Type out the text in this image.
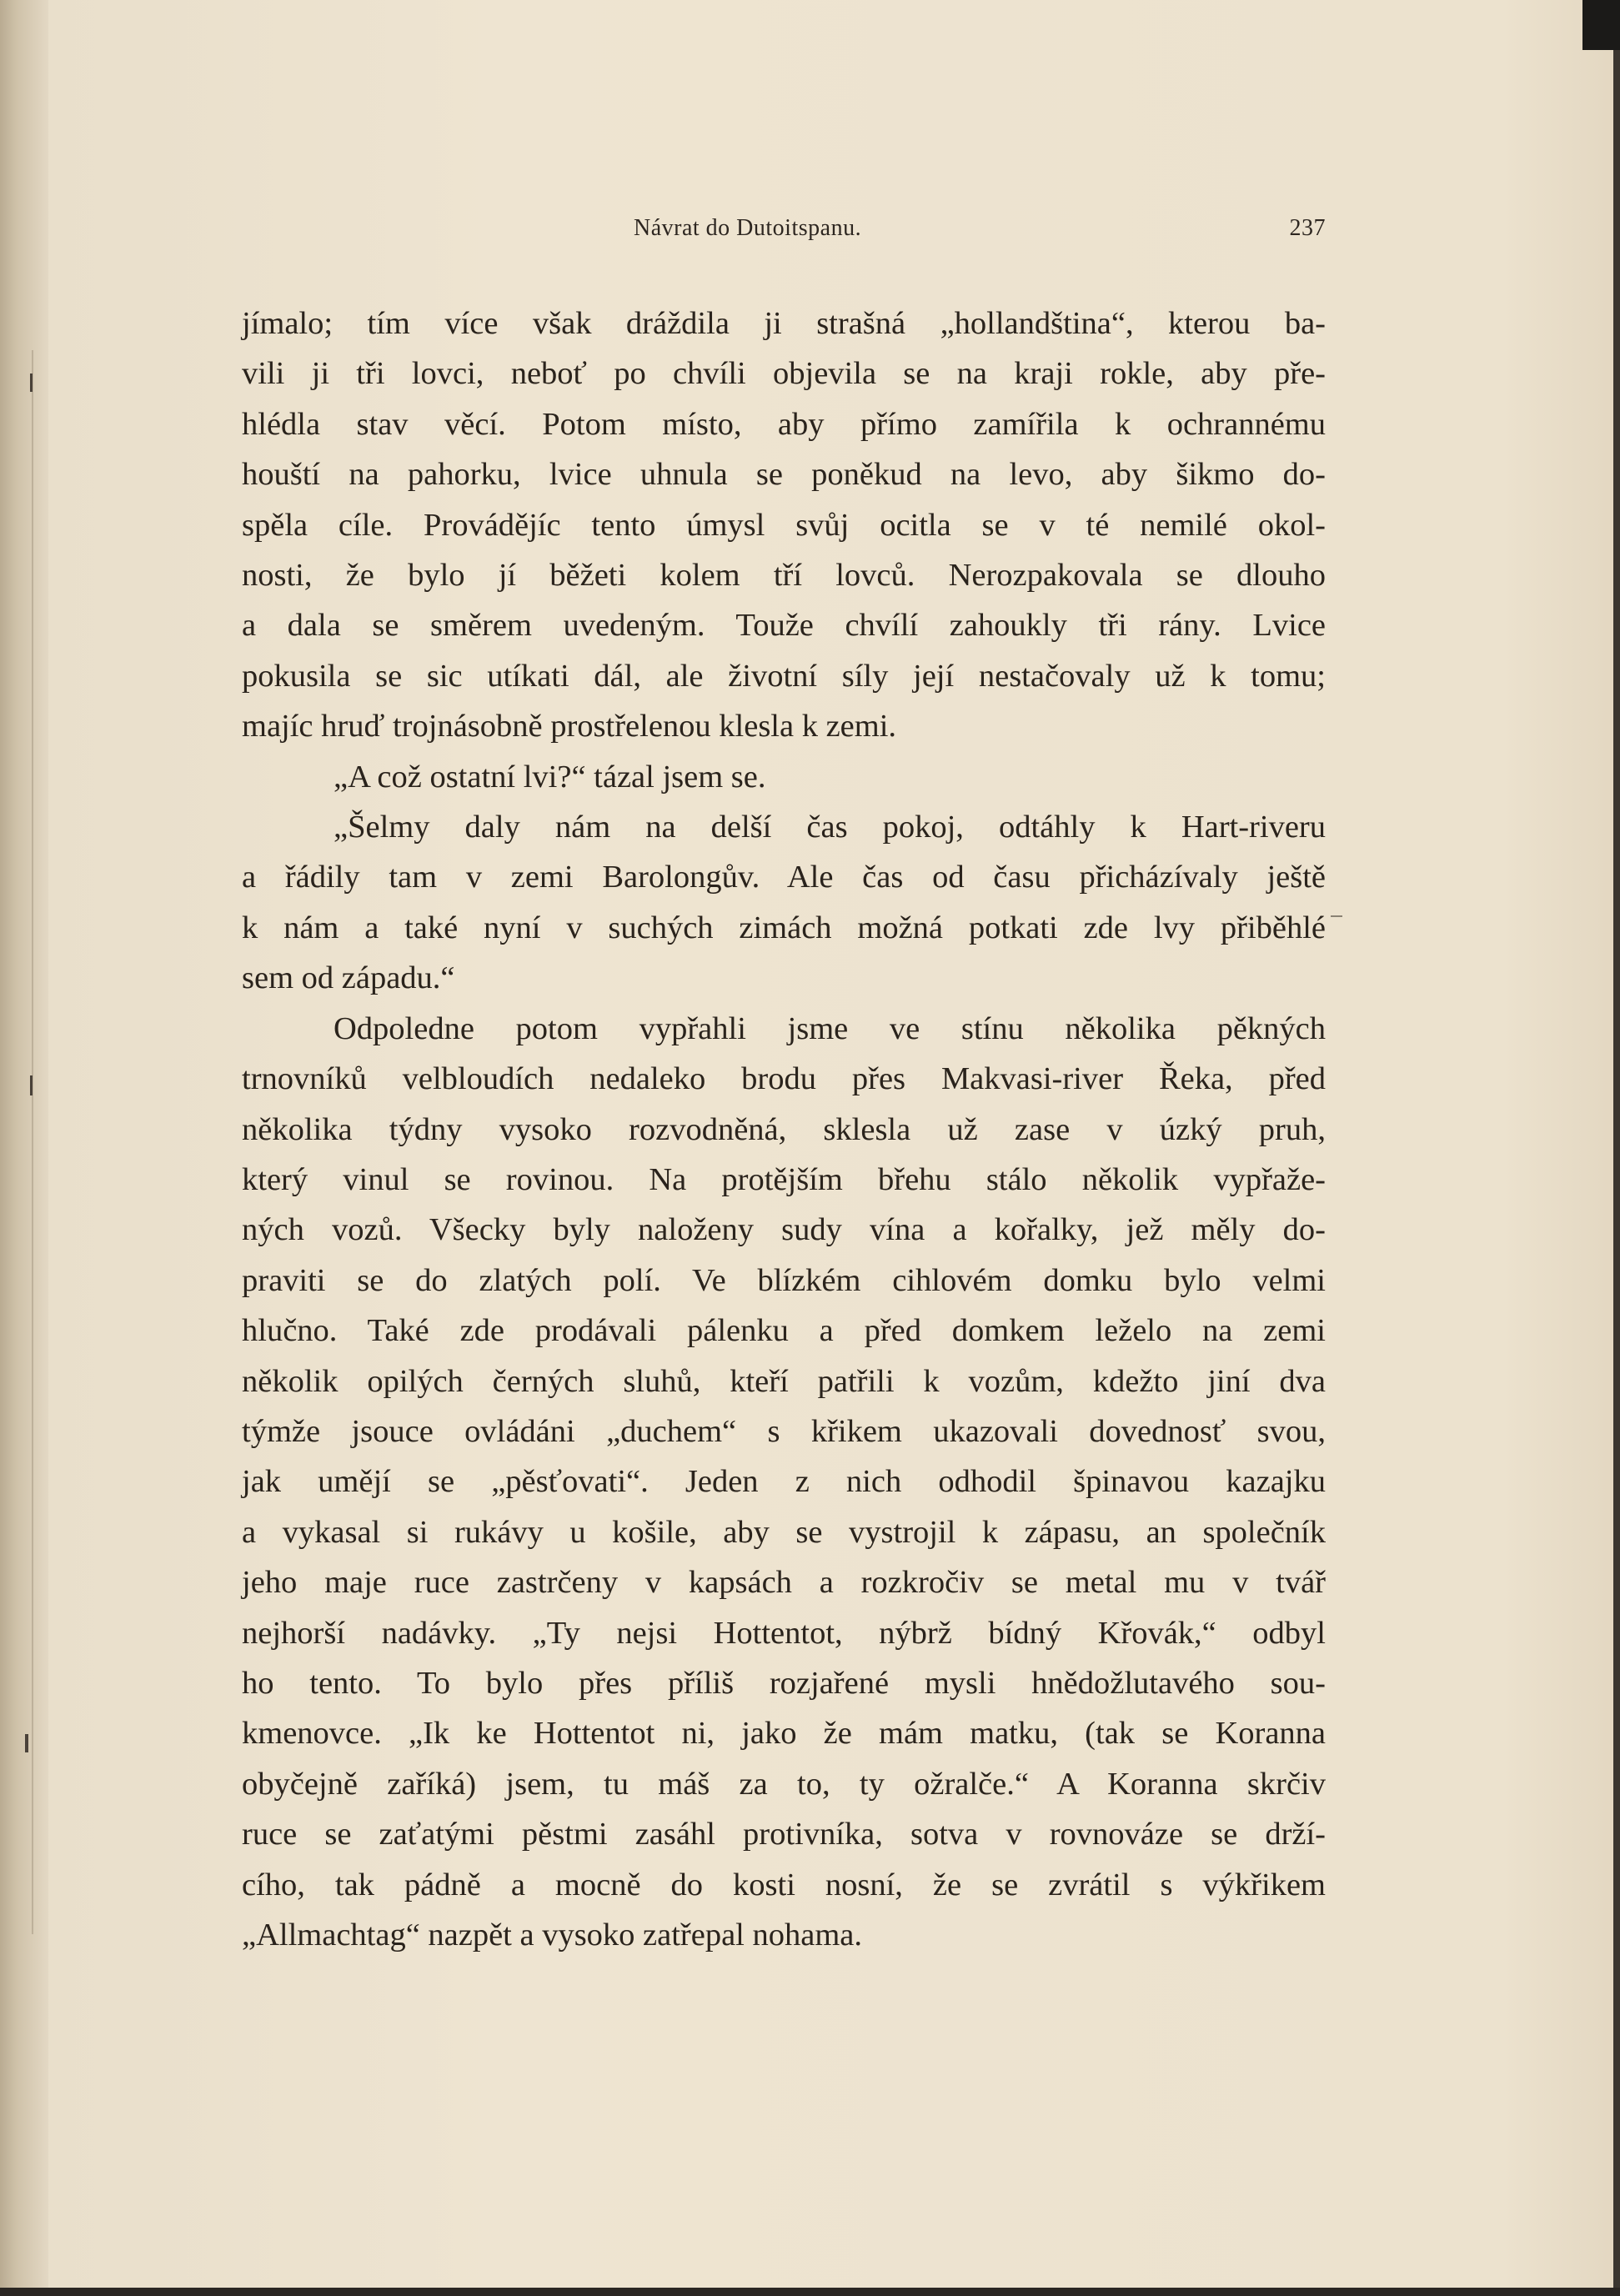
Návrat do Dutoitspanu.	237
jímalo; tím více však dráždila ji strašná „hollandština“, kterou ba-
vili ji tři lovci, neboť po chvíli objevila se na kraji rokle, aby pře-
hlédla stav věcí. Potom místo, aby přímo zamířila k ochrannému
houští na pahorku, lvice uhnula se poněkud na levo, aby šikmo do-
spěla cíle. Provádějíc tento úmysl svůj ocitla se v té nemilé okol-
nosti, že bylo jí běžeti kolem tří lovců. Nerozpakovala se dlouho
a dala se směrem uvedeným. Touže chvílí zahoukly tři rány. Lvice
pokusila se sic utíkati dál, ale životní síly její nestačovaly už k tomu;
majíc hruď trojnásobně prostřelenou klesla k zemi.
„A což ostatní lvi?“ tázal jsem se.
„Šelmy daly nám na delší čas pokoj, odtáhly k Hart-riveru
a řádily tam v zemi Barolongův. Ale čas od času přicházívaly ještě
k nám a také nyní v suchých zimách možná potkati zde lvy přiběhlé
sem od západu.“
Odpoledne potom vypřahli jsme ve stínu několika pěkných
trnovníků velbloudích nedaleko brodu přes Makvasi-river Řeka, před
několika týdny vysoko rozvodněná, sklesla už zase v úzký pruh,
který vinul se rovinou. Na protějším břehu stálo několik vypřaže-
ných vozů. Všecky byly naloženy sudy vína a kořalky, jež měly do-
praviti se do zlatých polí. Ve blízkém cihlovém domku bylo velmi
hlučno. Také zde prodávali pálenku a před domkem leželo na zemi
několik opilých černých sluhů, kteří patřili k vozům, kdežto jiní dva
týmže jsouce ovládáni „duchem“ s křikem ukazovali dovednosť svou,
jak umějí se „pěsťovati“. Jeden z nich odhodil špinavou kazajku
a vykasal si rukávy u košile, aby se vystrojil k zápasu, an společník
jeho maje ruce zastrčeny v kapsách a rozkročiv se metal mu v tvář
nejhorší nadávky. „Ty nejsi Hottentot, nýbrž bídný Křovák,“ odbyl
ho tento. To bylo přes příliš rozjařené mysli hnědožlutavého sou-
kmenovce. „Ik ke Hottentot ni, jako že mám matku, (tak se Koranna
obyčejně zaříká) jsem, tu máš za to, ty ožralče.“ A Koranna skrčiv
ruce se zaťatými pěstmi zasáhl protivníka, sotva v rovnováze se drží-
cího, tak pádně a mocně do kosti nosní, že se zvrátil s výkřikem
„Allmachtag“ nazpět a vysoko zatřepal nohama.
